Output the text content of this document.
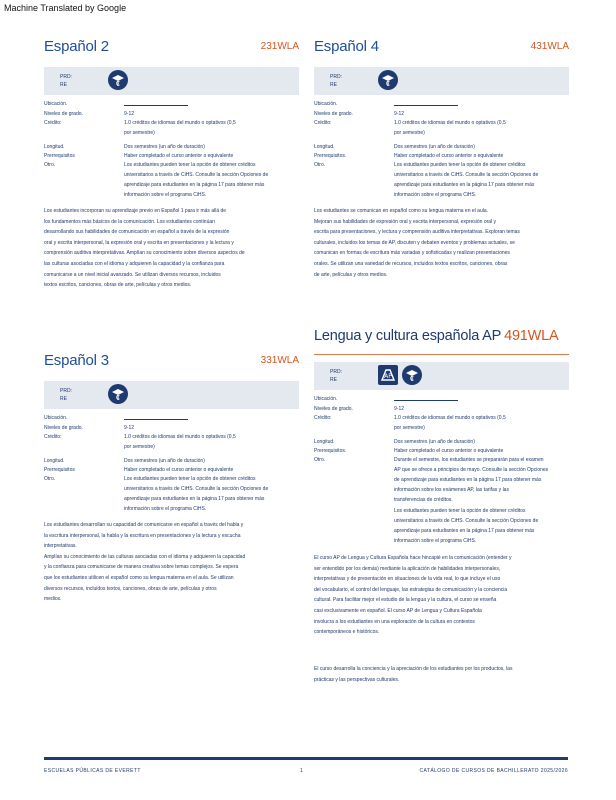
Machine Translated by Google
Español 2	231WLA
PRD:
RE	C
Ubicación.
Niveles de grado.	9-12
Crédito:	1.0 créditos de idiomas del mundo o optativos (0,5
por semestre)
Longitud.	Dos semestres (un año de duración)
Prerrequisitos	Haber completado el curso anterior o equivalente
Otro.	Los estudiantes pueden tener la opción de obtener créditos
universitarios a través de CiHS. Consulte la sección Opciones de
aprendizaje para estudiantes en la página 17 para obtener más
información sobre el programa CiHS.
Los estudiantes incorporan su aprendizaje previo en Español 1 para ir más allá de
los fundamentos más básicos de la comunicación. Los estudiantes continúan
desarrollando sus habilidades de comunicación en español a través de la expresión
oral y escrita interpersonal, la expresión oral y escrita en presentaciones y la lectura y
comprensión auditiva interpretativas. Amplían su conocimiento sobre diversos aspectos de
las culturas asociadas con el idioma y adquieren la capacidad y la confianza para
comunicarse a un nivel inicial avanzado. Se utilizan diversos recursos, incluidos
textos escritos, canciones, obras de arte, películas y otros medios.
Español 4	431WLA
PRD:
RE	C
Ubicación.
Niveles de grado.	9-12
Crédito:	1.0 créditos de idiomas del mundo o optativos (0,5
por semestre)
Longitud.	Dos semestres (un año de duración)
Prerrequisitos.	Haber completado el curso anterior o equivalente
Otro.	Los estudiantes pueden tener la opción de obtener créditos
universitarios a través de CiHS. Consulte la sección Opciones de
aprendizaje para estudiantes en la página 17 para obtener más
información sobre el programa CiHS.
Los estudiantes se comunican en español como su lengua materna en el aula.
Mejoran sus habilidades de expresión oral y escrita interpersonal, expresión oral y
escrita para presentaciones, y lectura y comprensión auditiva interpretativas. Exploran temas
culturales, incluidos los temas de AP, discuten y debaten eventos y problemas actuales, se
comunican en formas de escritura más variadas y sofisticadas y realizan presentaciones
orales. Se utilizan una variedad de recursos, incluidos textos escritos, canciones, obras
de arte, películas y otros medios.
Español 3	331WLA
PRD:
RE	C
Ubicación.
Niveles de grado.	9-12
Crédito:	1.0 créditos de idiomas del mundo o optativos (0,5
por semestre)
Longitud.	Dos semestres (un año de duración)
Prerrequisitos	Haber completado el curso anterior o equivalente
Otro.	Los estudiantes pueden tener la opción de obtener créditos
universitarios a través de CiHS. Consulte la sección Opciones de
aprendizaje para estudiantes en la página 17 para obtener más
información sobre el programa CiHS.
Los estudiantes desarrollan su capacidad de comunicarse en español a través del habla y
la escritura interpersonal, la habla y la escritura en presentaciones y la lectura y escucha
interpretativas.
Amplían su conocimiento de las culturas asociadas con el idioma y adquieren la capacidad
y la confianza para comunicarse de manera creativa sobre temas complejos. Se espera
que los estudiantes utilicen el español como su lengua materna en el aula. Se utilizan
diversos recursos, incluidos textos, canciones, obras de arte, películas y otros
medios.
Lengua y cultura española AP 491WLA
PRD:
RE	AP	C
Ubicación.
Niveles de grado.	9-12
Crédito:	1.0 créditos de idiomas del mundo o optativos (0,5
por semestre)
Longitud.	Dos semestres (un año de duración)
Prerrequisitos.	Haber completado el curso anterior o equivalente
Otro.	Durante el semestre, los estudiantes se prepararán para el examen
AP que se ofrece a principios de mayo. Consulte la sección Opciones
de aprendizaje para estudiantes en la página 17 para obtener más
información sobre los exámenes AP, las tarifas y las
transferencias de créditos.
Los estudiantes pueden tener la opción de obtener créditos
universitarios a través de CiHS. Consulte la sección Opciones de
aprendizaje para estudiantes en la página 17 para obtener más
información sobre el programa CiHS.
El curso AP de Lengua y Cultura Española hace hincapié en la comunicación (entender y
ser entendido por los demás) mediante la aplicación de habilidades interpersonales,
interpretativas y de presentación en situaciones de la vida real, lo que incluye el uso
del vocabulario, el control del lenguaje, las estrategias de comunicación y la conciencia
cultural. Para facilitar mejor el estudio de la lengua y la cultura, el curso se enseña
casi exclusivamente en español. El curso AP de Lengua y Cultura Española
involucra a los estudiantes en una exploración de la cultura en contextos
contemporáneos e históricos.
El curso desarrolla la conciencia y la apreciación de los estudiantes por los productos, las
prácticas y las perspectivas culturales.
ESCUELAS PÚBLICAS DE EVERETT	1	CATÁLOGO DE CURSOS DE BACHILLERATO 2025/2026
